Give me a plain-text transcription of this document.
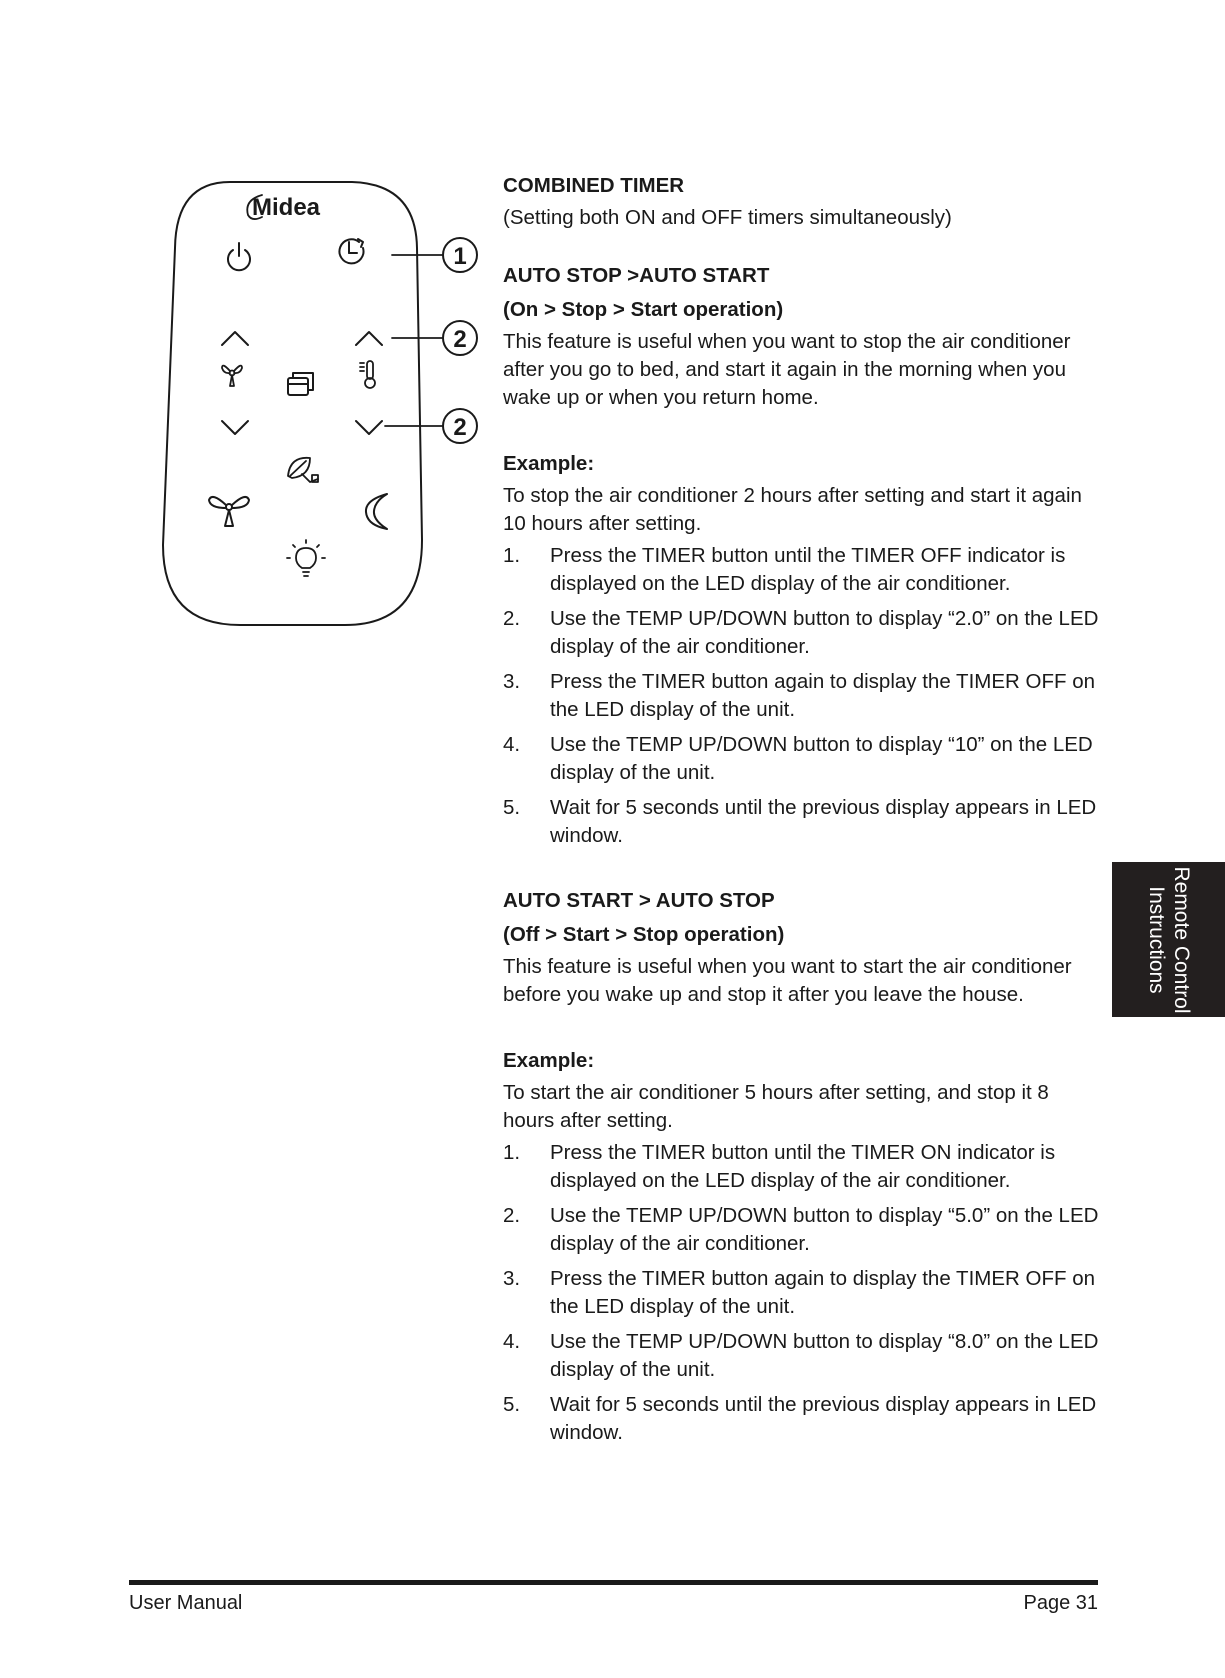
Midea
1
2
2

COMBINED TIMER

(Setting both ON and OFF timers simultaneously)

AUTO STOP >AUTO START

(On > Stop > Start operation)

This feature is useful when you want to stop the air conditioner after you go to bed, and start it again in the morning when you wake up or when you return home.

Example:

To stop the air conditioner 2 hours after setting and start it again 10 hours after setting.

1. Press the TIMER button until the TIMER OFF indicator is displayed on the LED display of the air conditioner.
2. Use the TEMP UP/DOWN button to display “2.0” on the LED display of the air conditioner.
3. Press the TIMER button again to display the TIMER OFF on the LED display of the unit.
4. Use the TEMP UP/DOWN button to display “10” on the LED display of the unit.
5. Wait for 5 seconds until the previous display appears in LED window.

AUTO START > AUTO STOP

(Off > Start > Stop operation)

This feature is useful when you want to start the air conditioner before you wake up and stop it after you leave the house.

Example:

To start the air conditioner 5 hours after setting, and stop it 8 hours after setting.

1. Press the TIMER button until the TIMER ON indicator is displayed on the LED display of the air conditioner.
2. Use the TEMP UP/DOWN button to display “5.0” on the LED display of the air conditioner.
3. Press the TIMER button again to display the TIMER OFF on the LED display of the unit.
4. Use the TEMP UP/DOWN button to display “8.0” on the LED display of the unit.
5. Wait for 5 seconds until the previous display appears in LED window.
Remote Control
Instructions
User Manual	Page 31
